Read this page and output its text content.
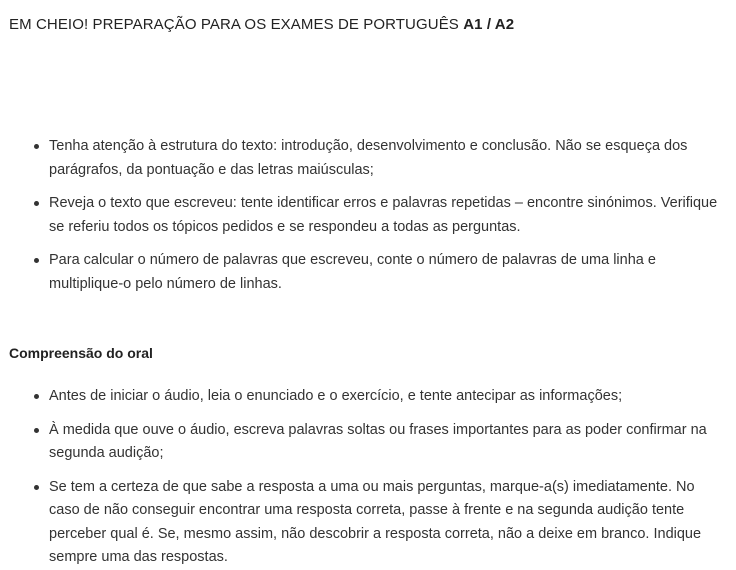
EM CHEIO! PREPARAÇÃO PARA OS EXAMES DE PORTUGUÊS A1 / A2
Tenha atenção à estrutura do texto: introdução, desenvolvimento e conclusão. Não se esqueça dos parágrafos, da pontuação e das letras maiúsculas;
Reveja o texto que escreveu: tente identificar erros e palavras repetidas – encontre sinónimos. Verifique se referiu todos os tópicos pedidos e se respondeu a todas as perguntas.
Para calcular o número de palavras que escreveu, conte o número de palavras de uma linha e multiplique-o pelo número de linhas.
Compreensão do oral
Antes de iniciar o áudio, leia o enunciado e o exercício, e tente antecipar as informações;
À medida que ouve o áudio, escreva palavras soltas ou frases importantes para as poder confirmar na segunda audição;
Se tem a certeza de que sabe a resposta a uma ou mais perguntas, marque-a(s) imediatamente. No caso de não conseguir encontrar uma resposta correta, passe à frente e na segunda audição tente perceber qual é. Se, mesmo assim, não descobrir a resposta correta, não a deixe em branco. Indique sempre uma das respostas.
